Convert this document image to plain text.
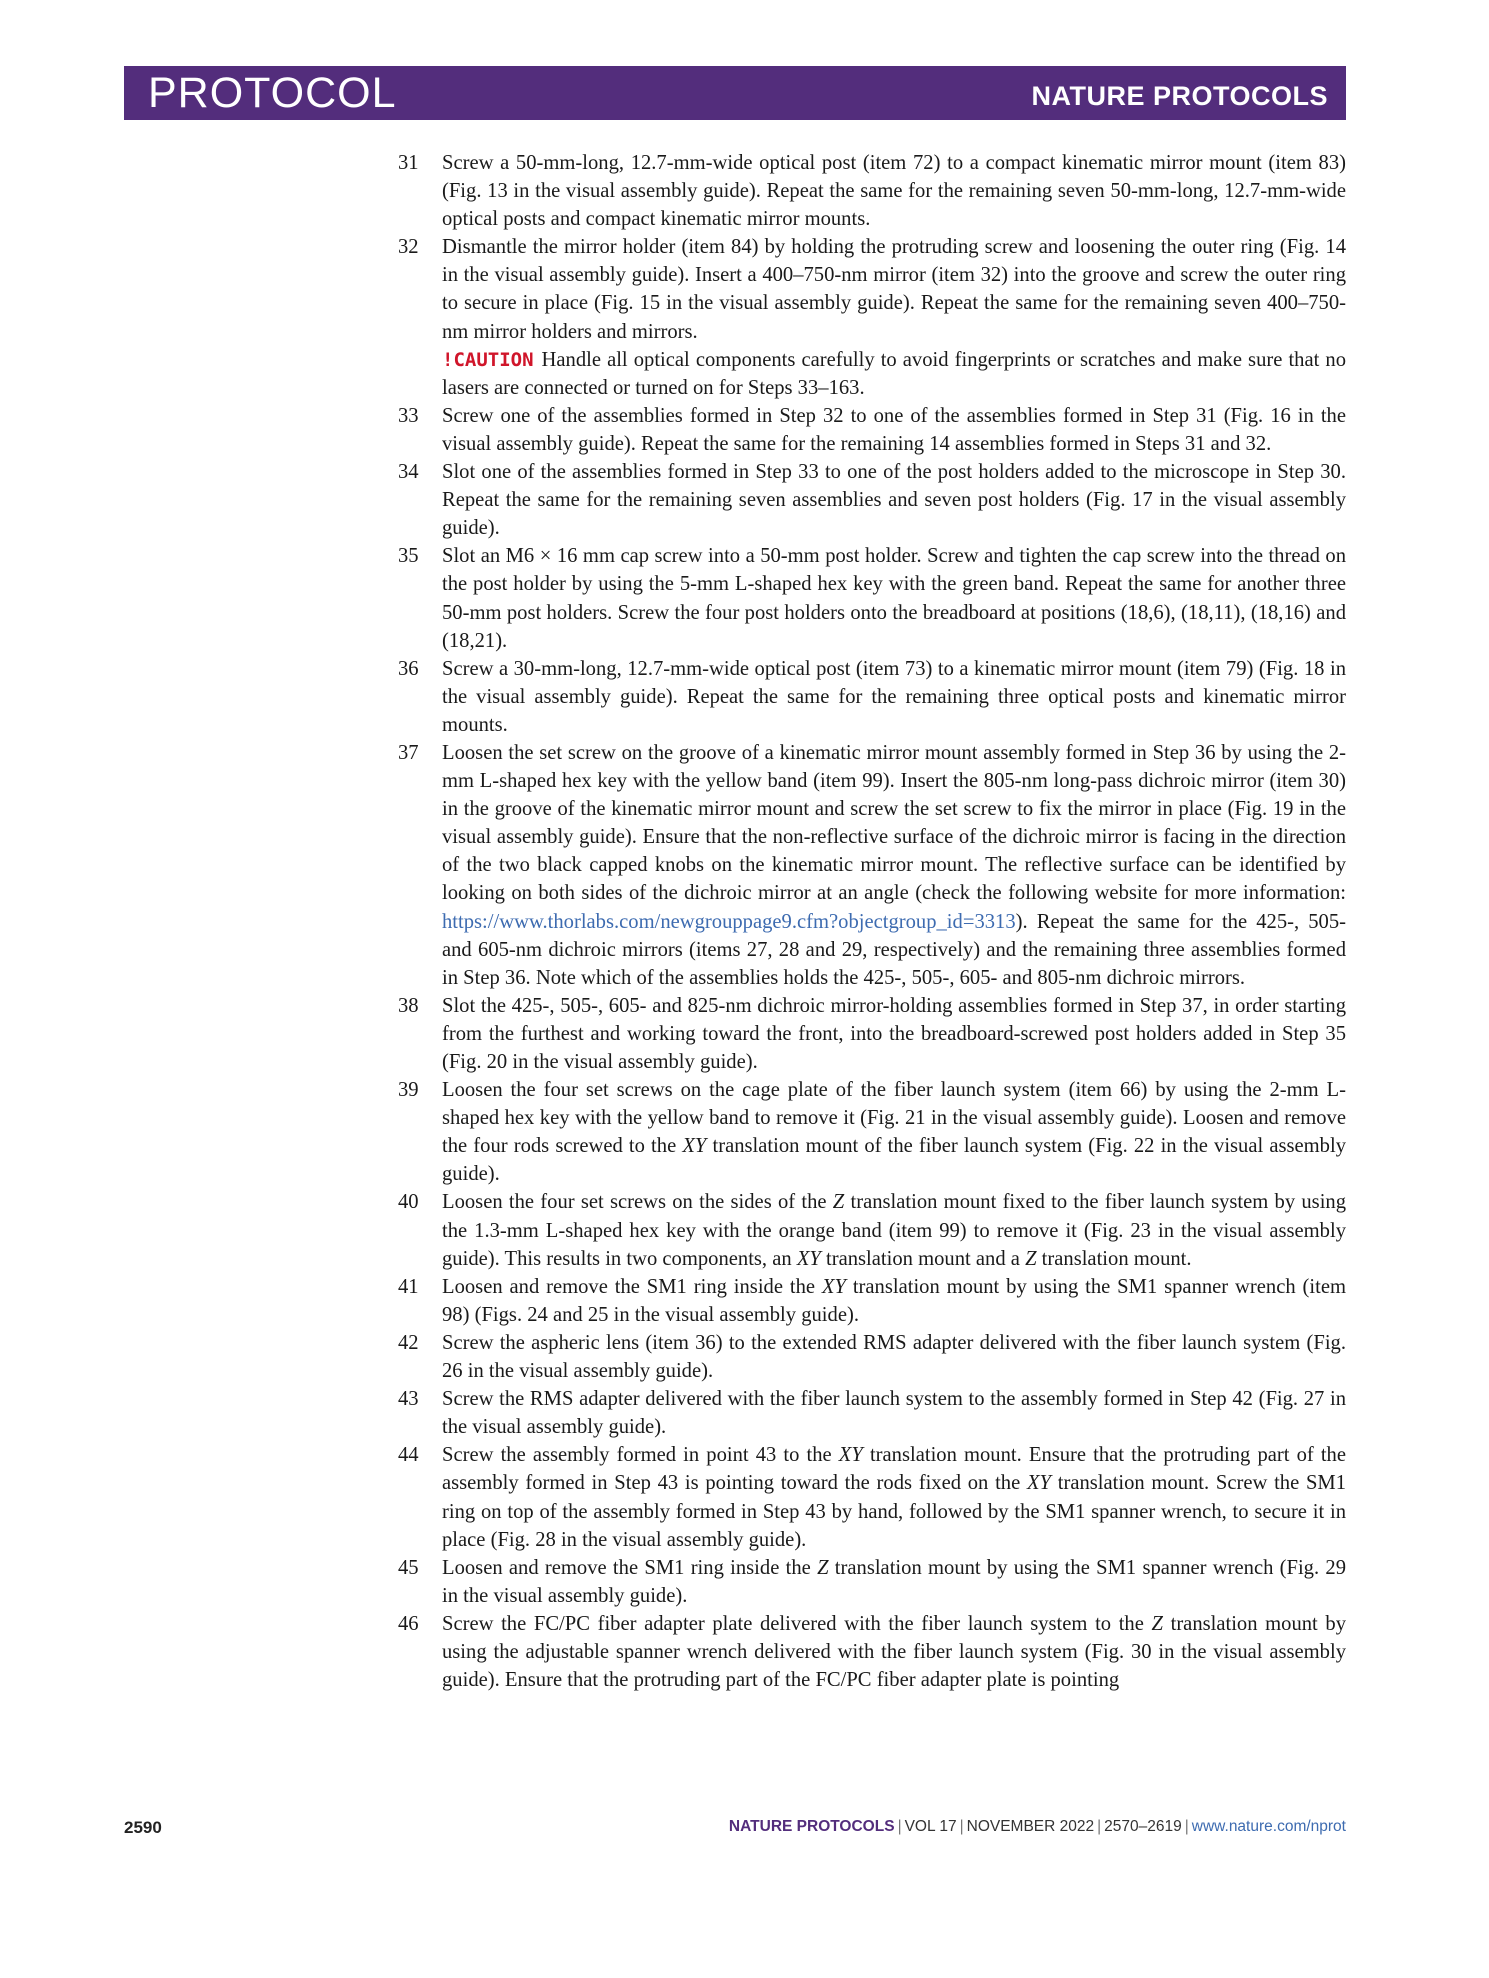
PROTOCOL	NATURE PROTOCOLS
31 Screw a 50-mm-long, 12.7-mm-wide optical post (item 72) to a compact kinematic mirror mount (item 83) (Fig. 13 in the visual assembly guide). Repeat the same for the remaining seven 50-mm-long, 12.7-mm-wide optical posts and compact kinematic mirror mounts.
32 Dismantle the mirror holder (item 84) by holding the protruding screw and loosening the outer ring (Fig. 14 in the visual assembly guide). Insert a 400–750-nm mirror (item 32) into the groove and screw the outer ring to secure in place (Fig. 15 in the visual assembly guide). Repeat the same for the remaining seven 400–750-nm mirror holders and mirrors.
!CAUTION Handle all optical components carefully to avoid fingerprints or scratches and make sure that no lasers are connected or turned on for Steps 33–163.
33 Screw one of the assemblies formed in Step 32 to one of the assemblies formed in Step 31 (Fig. 16 in the visual assembly guide). Repeat the same for the remaining 14 assemblies formed in Steps 31 and 32.
34 Slot one of the assemblies formed in Step 33 to one of the post holders added to the microscope in Step 30. Repeat the same for the remaining seven assemblies and seven post holders (Fig. 17 in the visual assembly guide).
35 Slot an M6 × 16 mm cap screw into a 50-mm post holder. Screw and tighten the cap screw into the thread on the post holder by using the 5-mm L-shaped hex key with the green band. Repeat the same for another three 50-mm post holders. Screw the four post holders onto the breadboard at positions (18,6), (18,11), (18,16) and (18,21).
36 Screw a 30-mm-long, 12.7-mm-wide optical post (item 73) to a kinematic mirror mount (item 79) (Fig. 18 in the visual assembly guide). Repeat the same for the remaining three optical posts and kinematic mirror mounts.
37 Loosen the set screw on the groove of a kinematic mirror mount assembly formed in Step 36 by using the 2-mm L-shaped hex key with the yellow band (item 99). Insert the 805-nm long-pass dichroic mirror (item 30) in the groove of the kinematic mirror mount and screw the set screw to fix the mirror in place (Fig. 19 in the visual assembly guide). Ensure that the non-reflective surface of the dichroic mirror is facing in the direction of the two black capped knobs on the kinematic mirror mount. The reflective surface can be identified by looking on both sides of the dichroic mirror at an angle (check the following website for more information: https://www.thorlabs.com/newgrouppage9.cfm?objectgroup_id=3313). Repeat the same for the 425-, 505- and 605-nm dichroic mirrors (items 27, 28 and 29, respectively) and the remaining three assemblies formed in Step 36. Note which of the assemblies holds the 425-, 505-, 605- and 805-nm dichroic mirrors.
38 Slot the 425-, 505-, 605- and 825-nm dichroic mirror-holding assemblies formed in Step 37, in order starting from the furthest and working toward the front, into the breadboard-screwed post holders added in Step 35 (Fig. 20 in the visual assembly guide).
39 Loosen the four set screws on the cage plate of the fiber launch system (item 66) by using the 2-mm L-shaped hex key with the yellow band to remove it (Fig. 21 in the visual assembly guide). Loosen and remove the four rods screwed to the XY translation mount of the fiber launch system (Fig. 22 in the visual assembly guide).
40 Loosen the four set screws on the sides of the Z translation mount fixed to the fiber launch system by using the 1.3-mm L-shaped hex key with the orange band (item 99) to remove it (Fig. 23 in the visual assembly guide). This results in two components, an XY translation mount and a Z translation mount.
41 Loosen and remove the SM1 ring inside the XY translation mount by using the SM1 spanner wrench (item 98) (Figs. 24 and 25 in the visual assembly guide).
42 Screw the aspheric lens (item 36) to the extended RMS adapter delivered with the fiber launch system (Fig. 26 in the visual assembly guide).
43 Screw the RMS adapter delivered with the fiber launch system to the assembly formed in Step 42 (Fig. 27 in the visual assembly guide).
44 Screw the assembly formed in point 43 to the XY translation mount. Ensure that the protruding part of the assembly formed in Step 43 is pointing toward the rods fixed on the XY translation mount. Screw the SM1 ring on top of the assembly formed in Step 43 by hand, followed by the SM1 spanner wrench, to secure it in place (Fig. 28 in the visual assembly guide).
45 Loosen and remove the SM1 ring inside the Z translation mount by using the SM1 spanner wrench (Fig. 29 in the visual assembly guide).
46 Screw the FC/PC fiber adapter plate delivered with the fiber launch system to the Z translation mount by using the adjustable spanner wrench delivered with the fiber launch system (Fig. 30 in the visual assembly guide). Ensure that the protruding part of the FC/PC fiber adapter plate is pointing
2590	NATURE PROTOCOLS | VOL 17 | NOVEMBER 2022 | 2570–2619 | www.nature.com/nprot
